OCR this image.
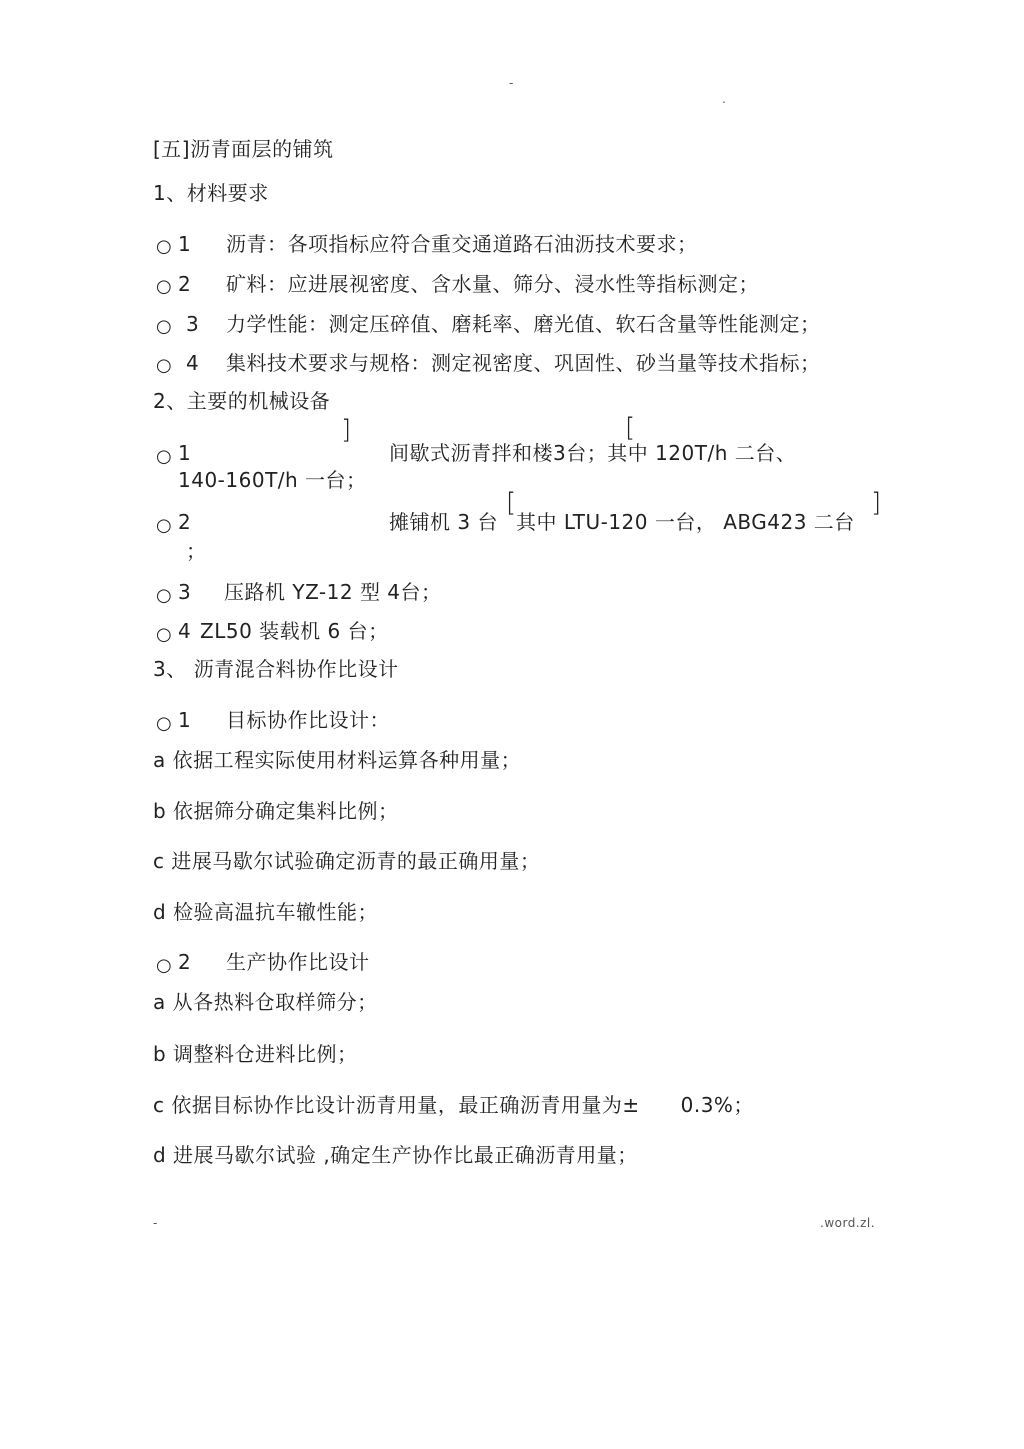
-
.
[五]沥青面层的铺筑
1、材料要求
○ 1 沥青：各项指标应符合重交通道路石油沥技术要求；
○ 2 矿料：应进展视密度、含水量、筛分、浸水性等指标测定；
○ 3 力学性能：测定压碎值、磨耗率、磨光值、软石含量等性能测定；
○ 4 集料技术要求与规格：测定视密度、巩固性、砂当量等技术指标；
2、主要的机械设备
]	[
○ 1	间歇式沥青拌和楼3台；其中 120T/h 二台、
140-160T/h 一台；
○ 2	摊铺机 3 台
[
其中 LTU-120 一台， ABG423 二台
]
；
○ 3 压路机 YZ-12 型 4台；
○ 4 ZL50 装载机 6 台；
3、 沥青混合料协作比设计
○ 1 目标协作比设计：
a 依据工程实际使用材料运算各种用量；
b 依据筛分确定集料比例；
c 进展马歇尔试验确定沥青的最正确用量；
d 检验高温抗车辙性能；
○ 2 生产协作比设计
a 从各热料仓取样筛分；
b 调整料仓进料比例；
c 依据目标协作比设计沥青用量，最正确沥青用量为±　　0.3%；
d 进展马歇尔试验 ,确定生产协作比最正确沥青用量；
-	.word.zl.
